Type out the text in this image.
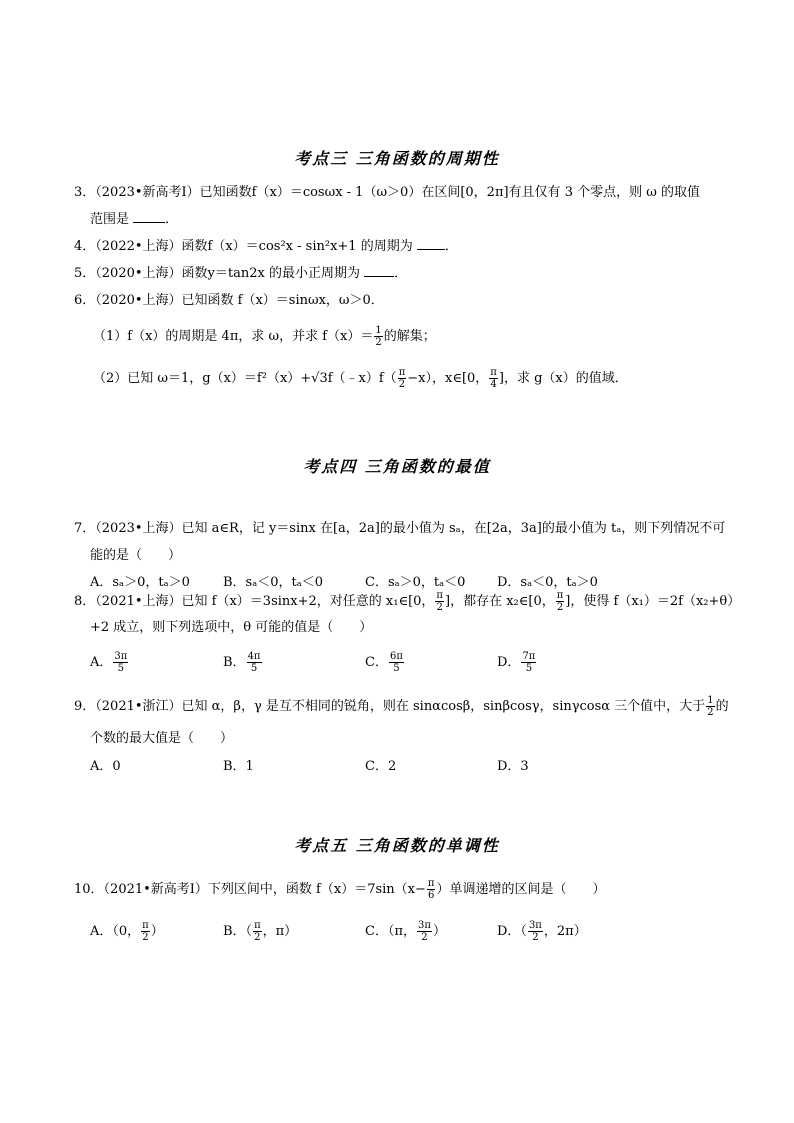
考点三 三角函数的周期性
3．（2023•新高考Ⅰ）已知函数f（x）＝cosωx - 1（ω＞0）在区间[0，2π]有且仅有 3 个零点，则 ω 的取值
范围是	．
4．（2022•上海）函数f（x）＝cos²x - sin²x+1 的周期为 ．
5．（2020•上海）函数y＝tan2x 的最小正周期为	．
6．（2020•上海）已知函数 f（x）＝sinωx，ω＞0．
（1）f（x）的周期是 4π，求 ω，并求 $f(x)= \frac{1}{2}$ 的解集；
（2）已知 ω＝1，g（x）＝f²（x）+√3f（﹣x）f（ $\frac{\pi}{2} -x$），x∈[0， $\frac{\pi}{4}$ ]，求 g（x）的值域．
考点四 三角函数的最值
7．（2023•上海）已知 a∈R，记 y＝sinx 在[a，2a]的最小值为 sₐ，在[2a，3a]的最小值为 tₐ，则下列情况不可
能的是（　　）
A．sₐ＞0，tₐ＞0	B．sₐ＜0，tₐ＜0	C．sₐ＞0，tₐ＜0 D．sₐ＜0，tₐ＞0
8．（2021•上海）已知 f（x）＝3sinx+2，对任意的 x₁∈[0， $\frac{\pi}{2}$ ]，都存在 x₂∈[0， $\frac{\pi}{2}$ ]，使得 f（x₁）＝2f（x₂+θ）
+2 成立，则下列选项中，θ 可能的值是（　　）
A． $\frac{3\pi}{5}$	B． $\frac{4\pi}{5}$	C． $\frac{6\pi}{5}$	D． $\frac{7\pi}{5}$
9．（2021•浙江）已知 α，β，γ 是互不相同的锐角，则在 sinαcosβ，sinβcosγ，sinγcosα 三个值中，大于 $\frac{1}{2}$ 的
个数的最大值是（　　）
A．0	B．1	C．2	D．3
考点五 三角函数的单调性
10．（2021•新高考Ⅰ）下列区间中，函数 $f(x)=7\sin(x- \frac{\pi}{6}$ ）单调递增的区间是（　　）
A．（0， $\frac{\pi}{2}$ ）	B．（ $\frac{\pi}{2}$ ，π）	C．（π， $\frac{3\pi}{2}$ ）	D．（ $\frac{3\pi}{2}$ ，2π）
